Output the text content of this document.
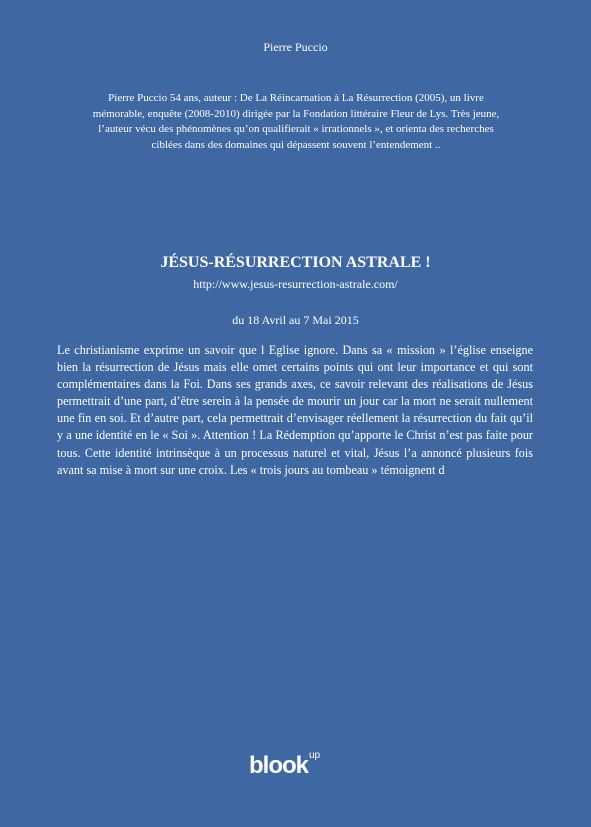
Pierre Puccio
Pierre Puccio 54 ans, auteur : De La Réincarnation à La Résurrection (2005), un livre mémorable, enquête (2008-2010) dirigée par la Fondation littéraire Fleur de Lys. Très jeune, l’auteur vécu des phénomènes qu’on qualifierait « irrationnels », et orienta des recherches ciblées dans des domaines qui dépassent souvent l’entendement ..
JÉSUS-RÉSURRECTION ASTRALE !
http://www.jesus-resurrection-astrale.com/
du 18 Avril au 7 Mai 2015
Le christianisme exprime un savoir que l Eglise ignore. Dans sa « mission » l’église enseigne bien la résurrection de Jésus mais elle omet certains points qui ont leur importance et qui sont complémentaires dans la Foi. Dans ses grands axes, ce savoir relevant des réalisations de Jésus permettrait d’une part, d’être serein à la pensée de mourir un jour car la mort ne serait nullement une fin en soi. Et d’autre part, cela permettrait d’envisager réellement la résurrection du fait qu’il y a une identité en le « Soi ». Attention ! La Rédemption qu’apporte le Christ n’est pas faite pour tous. Cette identité intrinsèque à un processus naturel et vital, Jésus l’a annoncé plusieurs fois avant sa mise à mort sur une croix. Les « trois jours au tombeau » témoignent d
blook$^{up}$
